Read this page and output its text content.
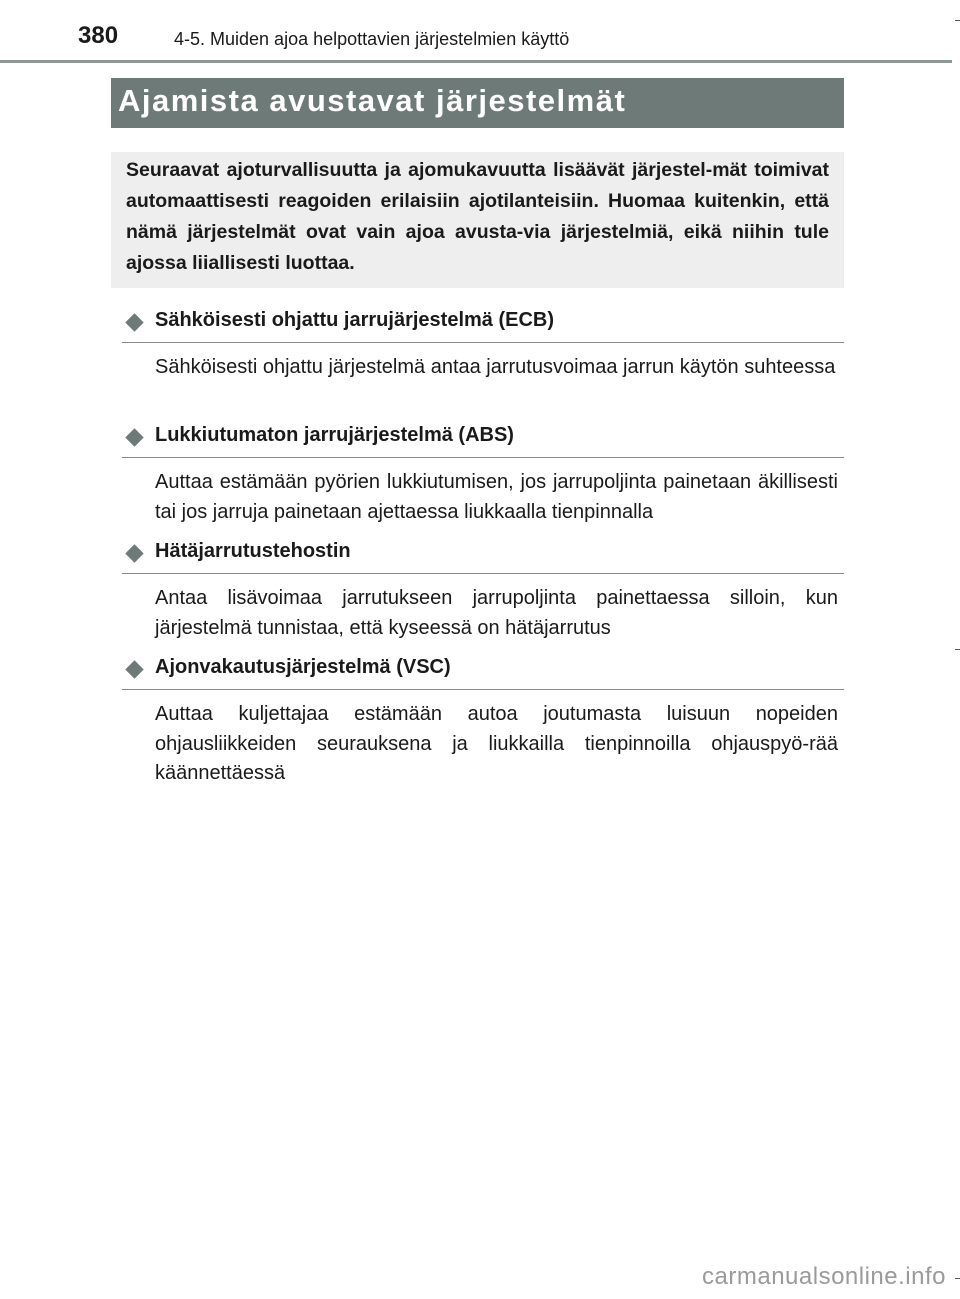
380	4-5. Muiden ajoa helpottavien järjestelmien käyttö
Ajamista avustavat järjestelmät
Seuraavat ajoturvallisuutta ja ajomukavuutta lisäävät järjestel-mät toimivat automaattisesti reagoiden erilaisiin ajotilanteisiin. Huomaa kuitenkin, että nämä järjestelmät ovat vain ajoa avusta-via järjestelmiä, eikä niihin tule ajossa liiallisesti luottaa.
Sähköisesti ohjattu jarrujärjestelmä (ECB)
Sähköisesti ohjattu järjestelmä antaa jarrutusvoimaa jarrun käytön suhteessa
Lukkiutumaton jarrujärjestelmä (ABS)
Auttaa estämään pyörien lukkiutumisen, jos jarrupoljinta painetaan äkillisesti tai jos jarruja painetaan ajettaessa liukkaalla tienpinnalla
Hätäjarrutustehostin
Antaa lisävoimaa jarrutukseen jarrupoljinta painettaessa silloin, kun järjestelmä tunnistaa, että kyseessä on hätäjarrutus
Ajonvakautusjärjestelmä (VSC)
Auttaa kuljettajaa estämään autoa joutumasta luisuun nopeiden ohjausliikkeiden seurauksena ja liukkailla tienpinnoilla ohjauspyö-rää käännettäessä
carmanualsonline.info
